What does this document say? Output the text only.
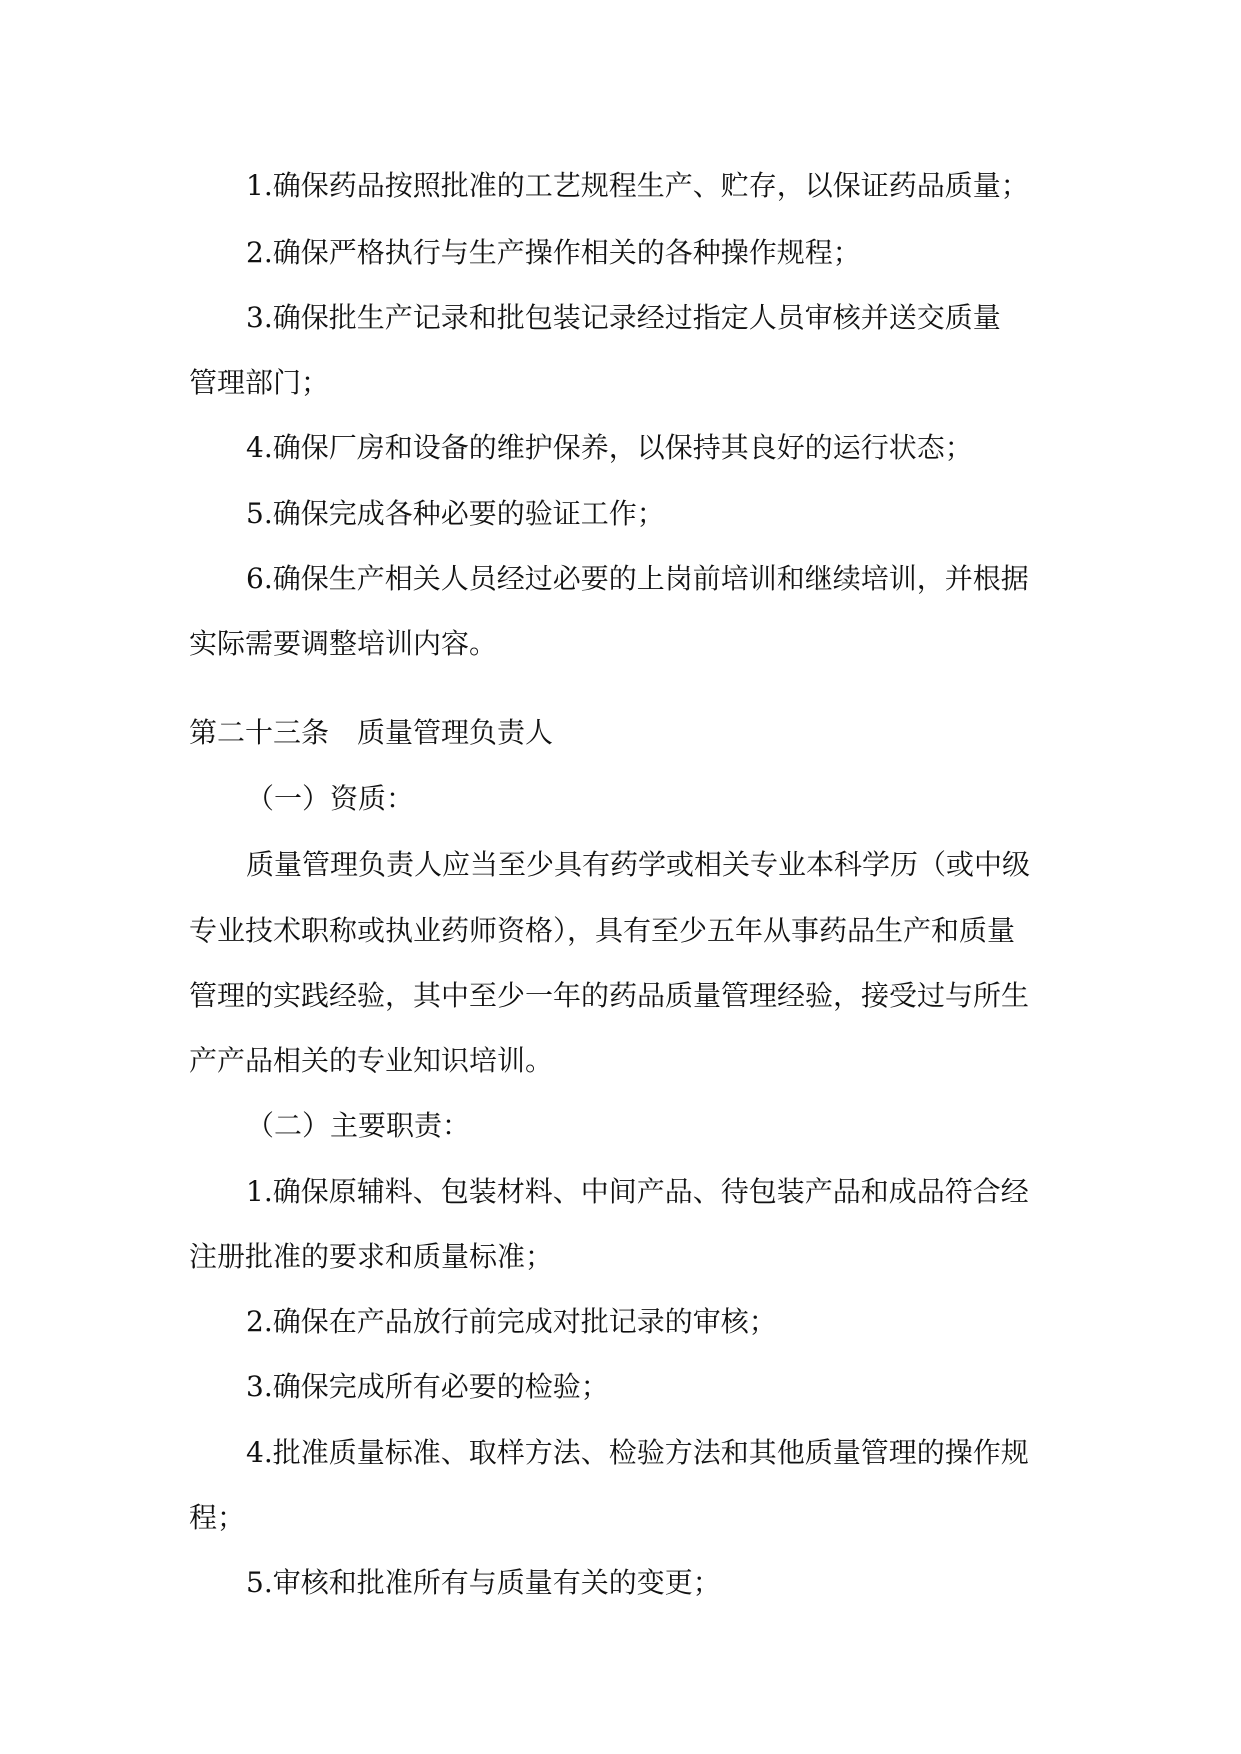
1.确保药品按照批准的工艺规程生产、贮存，以保证药品质量；
2.确保严格执行与生产操作相关的各种操作规程；
3.确保批生产记录和批包装记录经过指定人员审核并送交质量
管理部门；
4.确保厂房和设备的维护保养，以保持其良好的运行状态；
5.确保完成各种必要的验证工作；
6.确保生产相关人员经过必要的上岗前培训和继续培训，并根据
实际需要调整培训内容。
第二十三条　质量管理负责人
（一）资质：
质量管理负责人应当至少具有药学或相关专业本科学历（或中级
专业技术职称或执业药师资格），具有至少五年从事药品生产和质量
管理的实践经验，其中至少一年的药品质量管理经验，接受过与所生
产产品相关的专业知识培训。
（二）主要职责：
1.确保原辅料、包装材料、中间产品、待包装产品和成品符合经
注册批准的要求和质量标准；
2.确保在产品放行前完成对批记录的审核；
3.确保完成所有必要的检验；
4.批准质量标准、取样方法、检验方法和其他质量管理的操作规
程；
5.审核和批准所有与质量有关的变更；
